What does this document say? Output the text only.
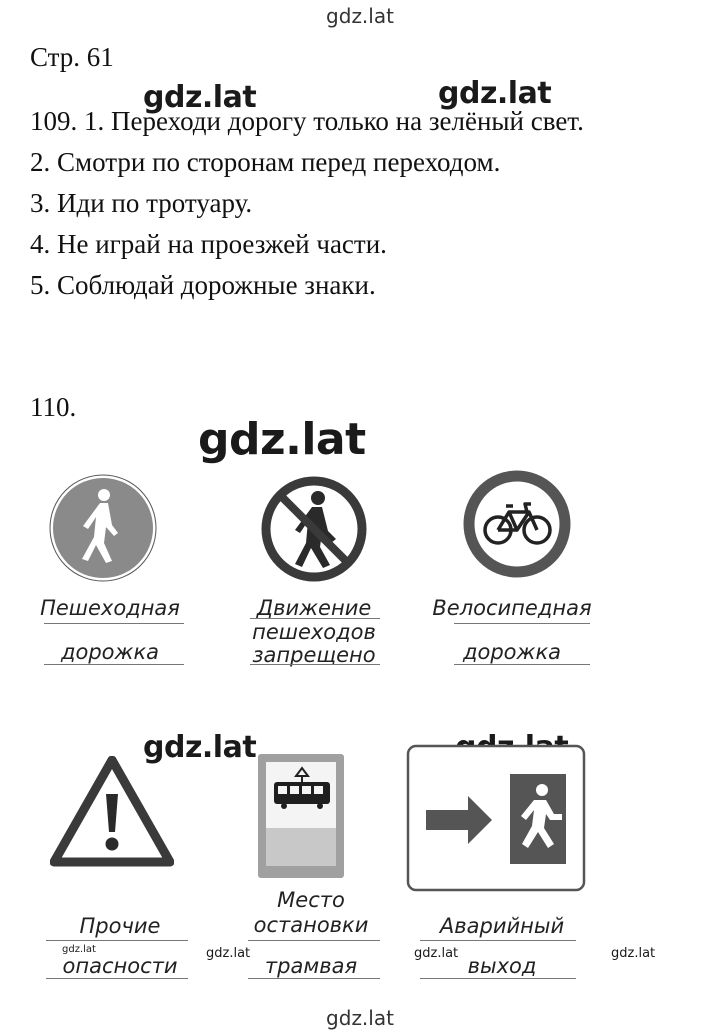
gdz.lat
gdz.lat	gdz.lat
gdz.lat
gdz.lat
gdz.lat	gdz.lat	gdz.lat	gdz.lat
gdz.lat
Стр. 61
109. 1. Переходи дорогу только на зелёный свет.
2. Смотри по сторонам перед переходом.
3. Иди по тротуару.
4. Не играй на проезжей части.
5. Соблюдай дорожные знаки.
110.
Пешеходная
дорожка
Движение
пешеходов
запрещено
Велосипедная
дорожка
Прочие
опасности
Место
остановки
трамвая
Аварийный
выход
